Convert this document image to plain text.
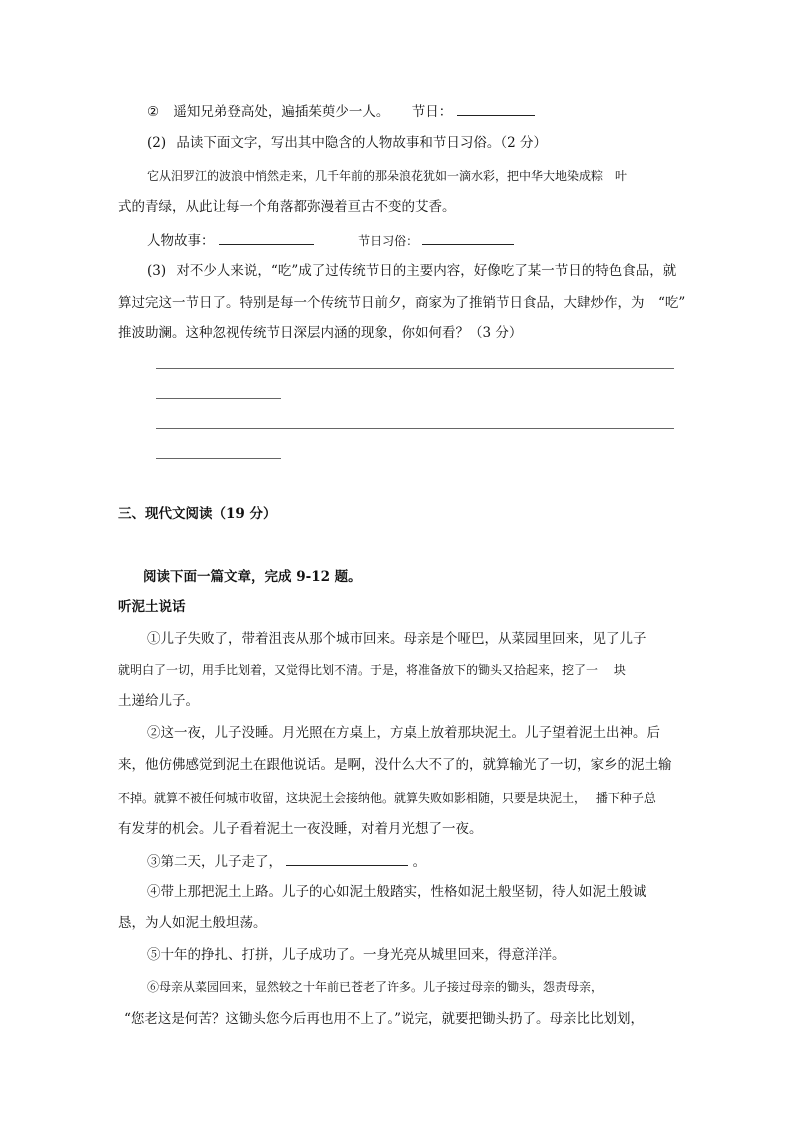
② 遥知兄弟登高处，遍插茱萸少一人。 节日：
(2) 品读下面文字，写出其中隐含的人物故事和节日习俗。（2 分）
它从汨罗江的波浪中悄然走来，几千年前的那朵浪花犹如一滴水彩，把中华大地染成粽　叶
式的青绿，从此让每一个角落都弥漫着亘古不变的艾香。
人物故事：	节日习俗：
(3) 对不少人来说，“吃”成了过传统节日的主要内容，好像吃了某一节日的特色食品，就
算过完这一节日了。特别是每一个传统节日前夕，商家为了推销节日食品，大肆炒作，为　“吃”
推波助澜。这种忽视传统节日深层内涵的现象，你如何看？（3 分）
三、现代文阅读（19 分）
阅读下面一篇文章，完成 9-12 题。
听泥土说话
①儿子失败了，带着沮丧从那个城市回来。母亲是个哑巴，从菜园里回来，见了儿子
就明白了一切，用手比划着，又觉得比划不清。于是，将准备放下的锄头又拾起来，挖了一　 块
土递给儿子。
②这一夜，儿子没睡。月光照在方桌上，方桌上放着那块泥土。儿子望着泥土出神。后
来，他仿佛感觉到泥土在跟他说话。是啊，没什么大不了的，就算输光了一切，家乡的泥土输
不掉。就算不被任何城市收留，这块泥土会接纳他。就算失败如影相随，只要是块泥土，　 播下种子总
有发芽的机会。儿子看着泥土一夜没睡，对着月光想了一夜。
③第二天，儿子走了，	。
④带上那把泥土上路。儿子的心如泥土般踏实，性格如泥土般坚韧，待人如泥土般诚
恳，为人如泥土般坦荡。
⑤十年的挣扎、打拼，儿子成功了。一身光亮从城里回来，得意洋洋。
⑥母亲从菜园回来，显然较之十年前已苍老了许多。儿子接过母亲的锄头，怨责母亲，
“您老这是何苦？这锄头您今后再也用不上了。”说完，就要把锄头扔了。母亲比比划划，
